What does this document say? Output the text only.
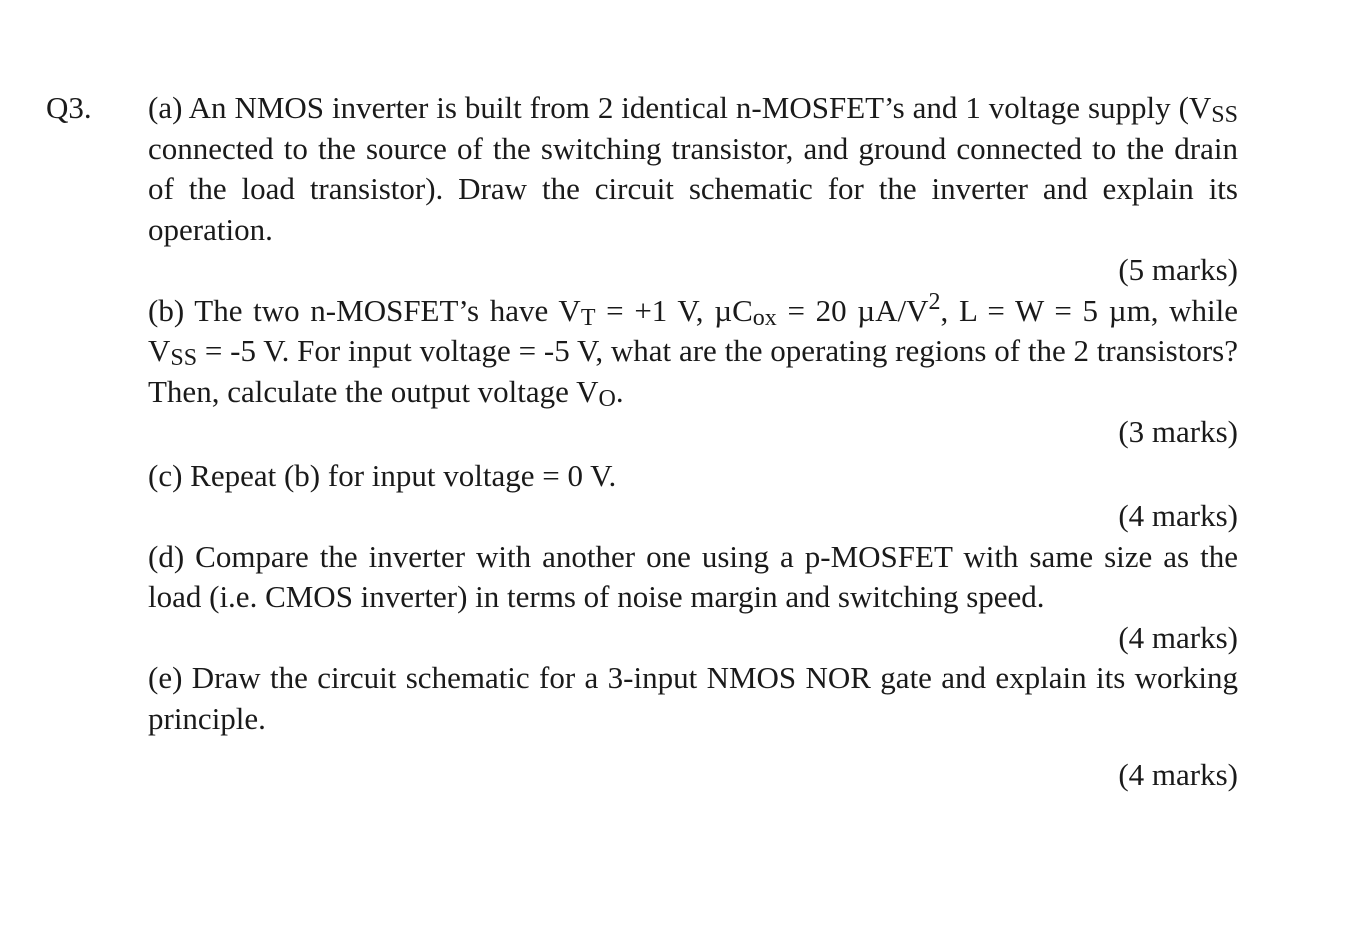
Q3. (a) An NMOS inverter is built from 2 identical n-MOSFET’s and 1 voltage supply (VSS connected to the source of the switching transistor, and ground connected to the drain of the load transistor). Draw the circuit schematic for the inverter and explain its operation.

(5 marks)

(b) The two n-MOSFET’s have VT = +1 V, µCox = 20 $\mu A/V^2$, L = W = 5 µm, while VSS = -5 V. For input voltage = -5 V, what are the operating regions of the 2 transistors? Then, calculate the output voltage VO.

(3 marks)

(c) Repeat (b) for input voltage = 0 V.

(4 marks)

(d) Compare the inverter with another one using a p-MOSFET with same size as the load (i.e. CMOS inverter) in terms of noise margin and switching speed.

(4 marks)

(e) Draw the circuit schematic for a 3-input NMOS NOR gate and explain its working principle.

(4 marks)
